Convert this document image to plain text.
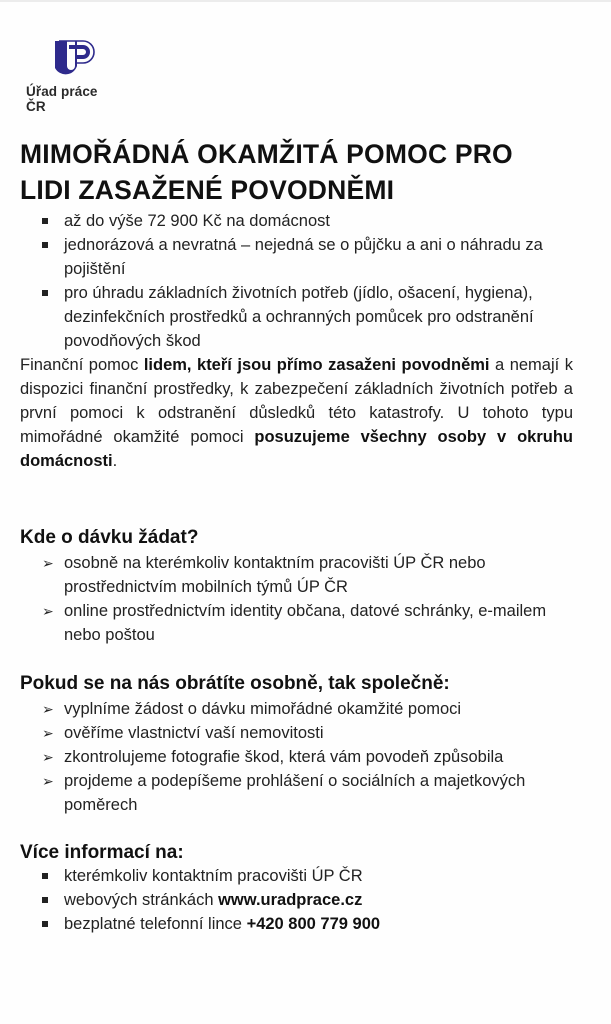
Úřad práce ČR
MIMOŘÁDNÁ OKAMŽITÁ POMOC PRO
LIDI ZASAŽENÉ POVODNĚMI
až do výše 72 900 Kč na domácnost
jednorázová a nevratná – nejedná se o půjčku a ani o náhradu za pojištění
pro úhradu základních životních potřeb (jídlo, ošacení, hygiena), dezinfekčních prostředků a ochranných pomůcek pro odstranění povodňových škod

Finanční pomoc lidem, kteří jsou přímo zasaženi povodněmi a nemají k dispozici finanční prostředky, k zabezpečení základních životních potřeb a první pomoci k odstranění důsledků této katastrofy. U tohoto typu mimořádné okamžité pomoci posuzujeme všechny osoby v okruhu domácnosti.

Kde o dávku žádat?
➢ osobně na kterémkoliv kontaktním pracovišti ÚP ČR nebo prostřednictvím mobilních týmů ÚP ČR
➢ online prostřednictvím identity občana, datové schránky, e-mailem nebo poštou
Pokud se na nás obrátíte osobně, tak společně:
➢ vyplníme žádost o dávku mimořádné okamžité pomoci
➢ ověříme vlastnictví vaší nemovitosti
➢ zkontrolujeme fotografie škod, která vám povodeň způsobila
➢ projdeme a podepíšeme prohlášení o sociálních a majetkových poměrech
Více informací na:
kterémkoliv kontaktním pracovišti ÚP ČR
webových stránkách www.uradprace.cz
bezplatné telefonní lince +420 800 779 900
